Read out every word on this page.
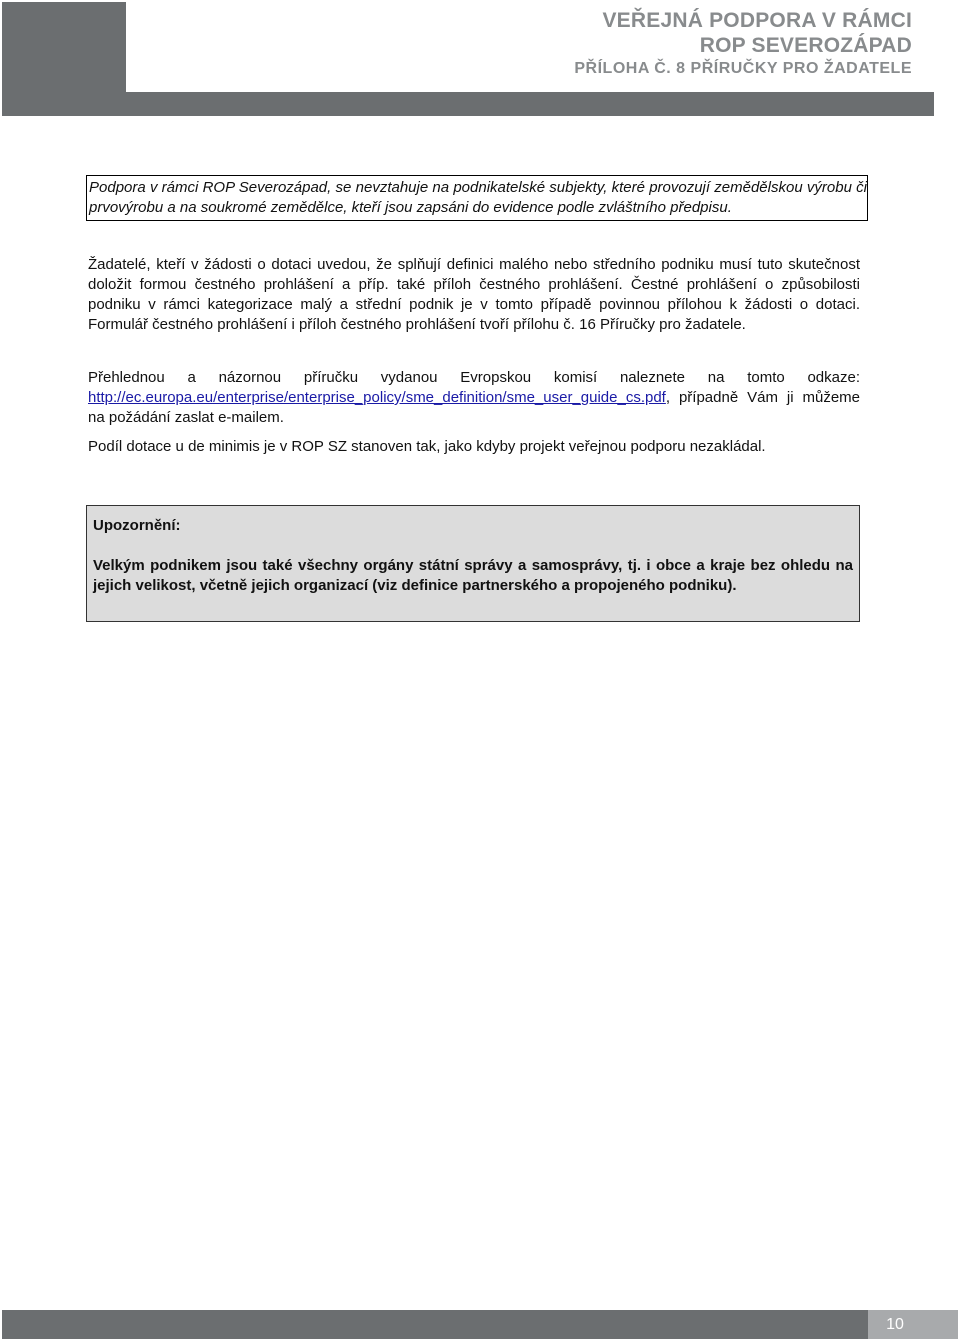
VEŘEJNÁ PODPORA V RÁMCI
ROP SEVEROZÁPAD
PŘÍLOHA Č. 8 PŘÍRUČKY PRO ŽADATELE
Podpora v rámci ROP Severozápad, se nevztahuje na podnikatelské subjekty, které provozují zemědělskou výrobu či prvovýrobu a na soukromé zemědělce, kteří jsou zapsáni do evidence podle zvláštního předpisu.
Žadatelé, kteří v žádosti o dotaci uvedou, že splňují definici malého nebo středního podniku musí tuto skutečnost doložit formou čestného prohlášení a příp. také příloh čestného prohlášení. Čestné prohlášení o způsobilosti podniku v rámci kategorizace malý a střední podnik je v tomto případě povinnou přílohou k žádosti o dotaci. Formulář čestného prohlášení i příloh čestného prohlášení tvoří přílohu č. 16 Příručky pro žadatele.
Přehlednou a názornou příručku vydanou Evropskou komisí naleznete na tomto odkaze: http://ec.europa.eu/enterprise/enterprise_policy/sme_definition/sme_user_guide_cs.pdf, případně Vám ji můžeme na požádání zaslat e-mailem.
Podíl dotace u de minimis je v ROP SZ stanoven tak, jako kdyby projekt veřejnou podporu nezakládal.
Upozornění:
Velkým podnikem jsou také všechny orgány státní správy a samosprávy, tj. i obce a kraje bez ohledu na jejich velikost, včetně jejich organizací (viz definice partnerského a propojeného podniku).
10
